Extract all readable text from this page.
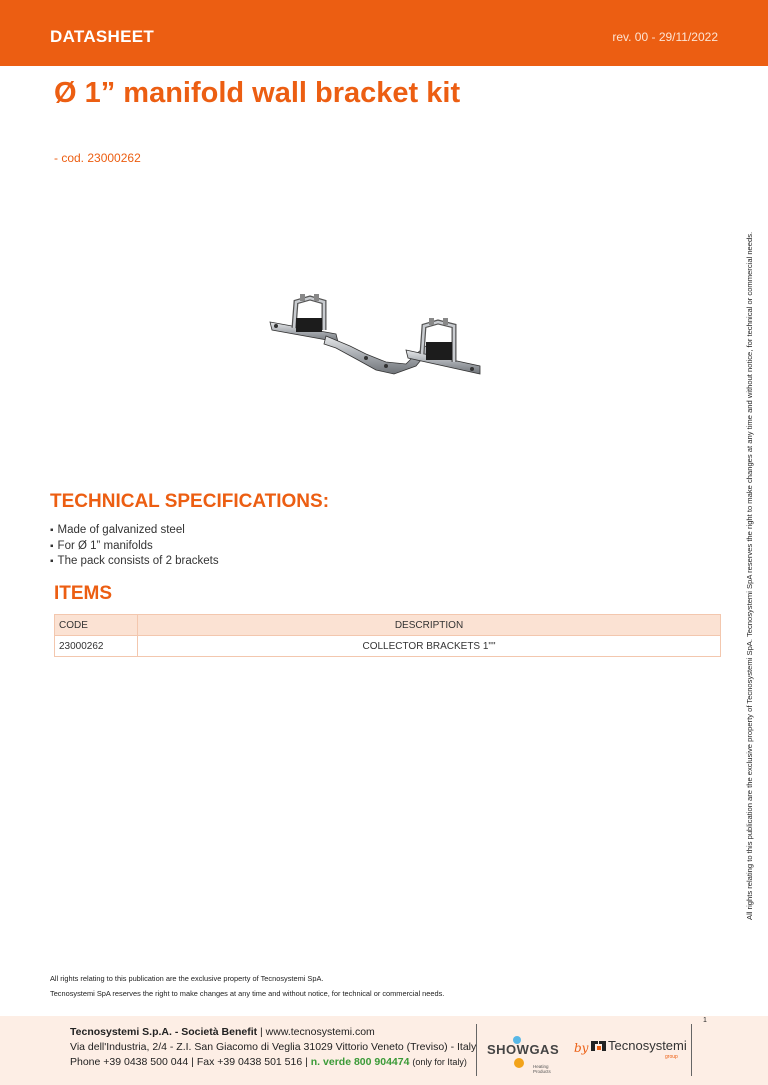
DATASHEET	rev. 00 - 29/11/2022
Ø 1” manifold wall bracket kit
- cod. 23000262
All rights relating to this publication are the exclusive property of Tecnosystemi SpA. Tecnosystemi SpA reserves the right to make changes at any time and without notice, for technical or commercial needs.
TECHNICAL SPECIFICATIONS:
▪ Made of galvanized steel
▪ For Ø 1” manifolds
▪ The pack consists of 2 brackets
ITEMS
CODE	DESCRIPTION
23000262	COLLECTOR BRACKETS 1""
All rights relating to this publication are the exclusive property of Tecnosystemi SpA.
Tecnosystemi SpA reserves the right to make changes at any time and without notice, for technical or commercial needs.
1
Tecnosystemi S.p.A. - Società Benefit | www.tecnosystemi.com
Via dell'Industria, 2/4 - Z.I. San Giacomo di Veglia 31029 Vittorio Veneto (Treviso) - Italy
Phone +39 0438 500 044 | Fax +39 0438 501 516 | n. verde 800 904474 (only for Italy)
SHOWGAS
Heating Products
by Tecnosystemi
group
